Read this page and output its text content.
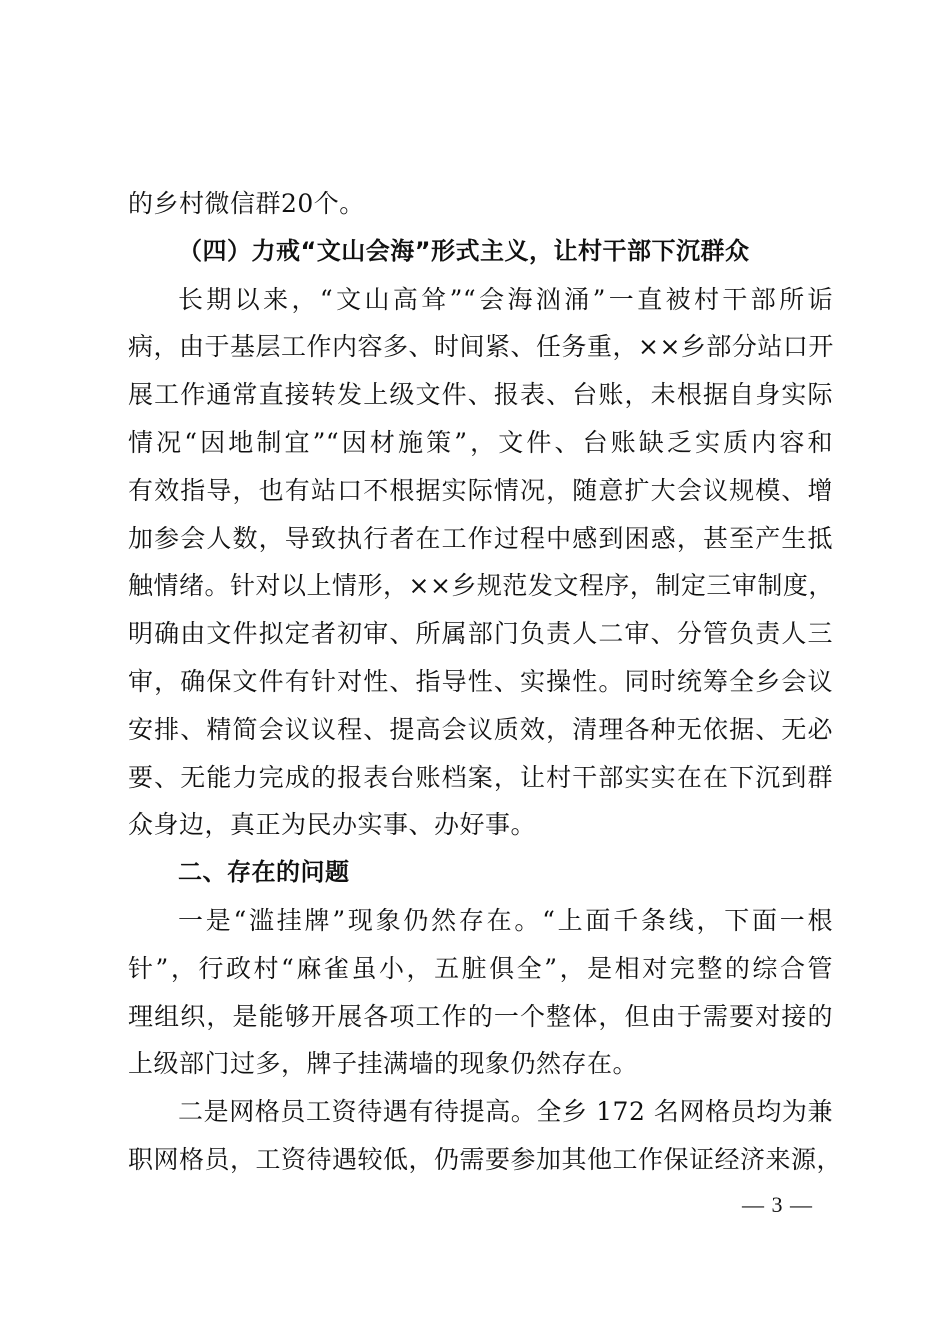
的乡村微信群20个。
（四）力戒“文山会海”形式主义，让村干部下沉群众
长期以来，“文山高耸”“会海汹涌”一直被村干部所诟
病，由于基层工作内容多、时间紧、任务重，××乡部分站口开
展工作通常直接转发上级文件、报表、台账，未根据自身实际
情况“因地制宜”“因材施策”，文件、台账缺乏实质内容和
有效指导，也有站口不根据实际情况，随意扩大会议规模、增
加参会人数，导致执行者在工作过程中感到困惑，甚至产生抵
触情绪。针对以上情形，××乡规范发文程序，制定三审制度，
明确由文件拟定者初审、所属部门负责人二审、分管负责人三
审，确保文件有针对性、指导性、实操性。同时统筹全乡会议
安排、精简会议议程、提高会议质效，清理各种无依据、无必
要、无能力完成的报表台账档案，让村干部实实在在下沉到群
众身边，真正为民办实事、办好事。
二、存在的问题
一是“滥挂牌”现象仍然存在。“上面千条线，下面一根
针”，行政村“麻雀虽小，五脏俱全”，是相对完整的综合管
理组织，是能够开展各项工作的一个整体，但由于需要对接的
上级部门过多，牌子挂满墙的现象仍然存在。
二是网格员工资待遇有待提高。全乡 172 名网格员均为兼
职网格员，工资待遇较低，仍需要参加其他工作保证经济来源，
— 3 —
